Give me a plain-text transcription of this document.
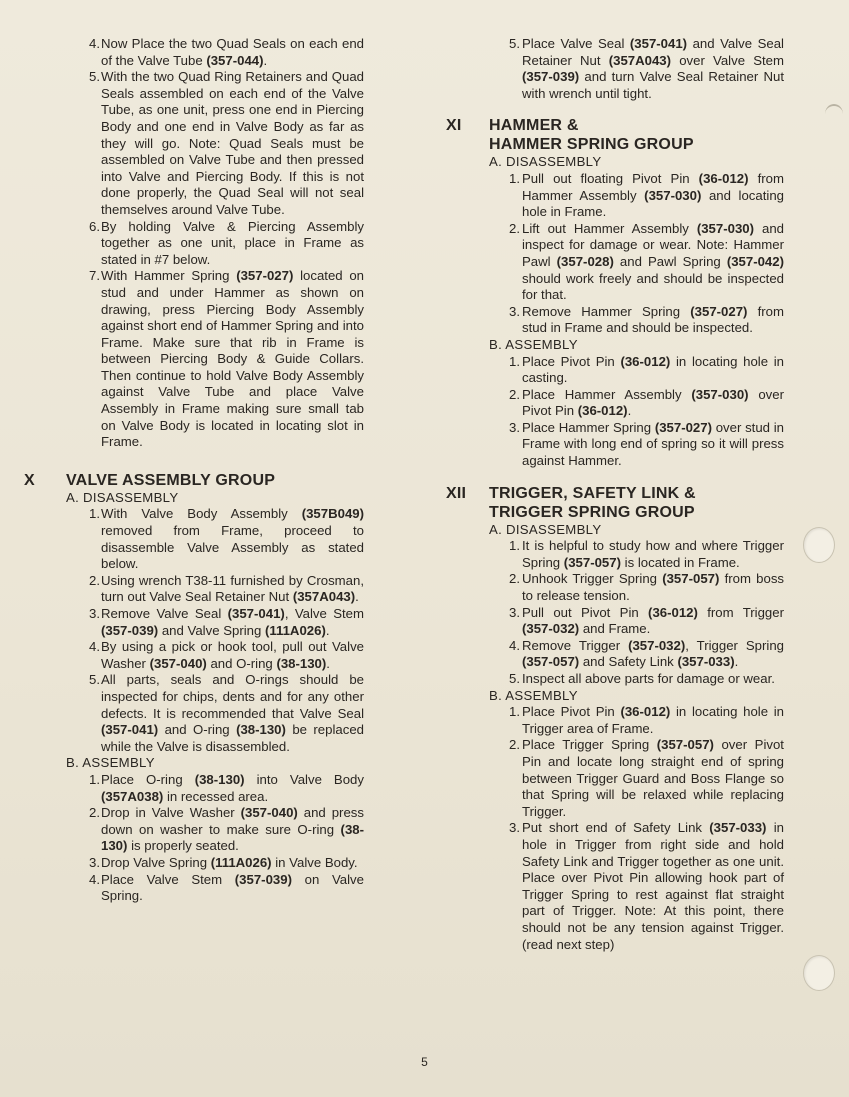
4. Now Place the two Quad Seals on each end of the Valve Tube (357-044).
5. With the two Quad Ring Retainers and Quad Seals assembled on each end of the Valve Tube, as one unit, press one end in Piercing Body and one end in Valve Body as far as they will go. Note: Quad Seals must be assembled on Valve Tube and then pressed into Valve and Piercing Body. If this is not done properly, the Quad Seal will not seal themselves around Valve Tube.
6. By holding Valve & Piercing Assembly together as one unit, place in Frame as stated in #7 below.
7. With Hammer Spring (357-027) located on stud and under Hammer as shown on drawing, press Piercing Body Assembly against short end of Hammer Spring and into Frame. Make sure that rib in Frame is between Piercing Body & Guide Collars. Then continue to hold Valve Body Assembly against Valve Tube and place Valve Assembly in Frame making sure small tab on Valve Body is located in locating slot in Frame.
X VALVE ASSEMBLY GROUP
A. DISASSEMBLY
1. With Valve Body Assembly (357B049) removed from Frame, proceed to disassemble Valve Assembly as stated below.
2. Using wrench T38-11 furnished by Crosman, turn out Valve Seal Retainer Nut (357A043).
3. Remove Valve Seal (357-041), Valve Stem (357-039) and Valve Spring (111A026).
4. By using a pick or hook tool, pull out Valve Washer (357-040) and O-ring (38-130).
5. All parts, seals and O-rings should be inspected for chips, dents and for any other defects. It is recommended that Valve Seal (357-041) and O-ring (38-130) be replaced while the Valve is disassembled.
B. ASSEMBLY
1. Place O-ring (38-130) into Valve Body (357A038) in recessed area.
2. Drop in Valve Washer (357-040) and press down on washer to make sure O-ring (38-130) is properly seated.
3. Drop Valve Spring (111A026) in Valve Body.
4. Place Valve Stem (357-039) on Valve Spring.
5. Place Valve Seal (357-041) and Valve Seal Retainer Nut (357A043) over Valve Stem (357-039) and turn Valve Seal Retainer Nut with wrench until tight.
XI HAMMER &
HAMMER SPRING GROUP
A. DISASSEMBLY
1. Pull out floating Pivot Pin (36-012) from Hammer Assembly (357-030) and locating hole in Frame.
2. Lift out Hammer Assembly (357-030) and inspect for damage or wear. Note: Hammer Pawl (357-028) and Pawl Spring (357-042) should work freely and should be inspected for that.
3. Remove Hammer Spring (357-027) from stud in Frame and should be inspected.
B. ASSEMBLY
1. Place Pivot Pin (36-012) in locating hole in casting.
2. Place Hammer Assembly (357-030) over Pivot Pin (36-012).
3. Place Hammer Spring (357-027) over stud in Frame with long end of spring so it will press against Hammer.
XII TRIGGER, SAFETY LINK &
TRIGGER SPRING GROUP
A. DISASSEMBLY
1. It is helpful to study how and where Trigger Spring (357-057) is located in Frame.
2. Unhook Trigger Spring (357-057) from boss to release tension.
3. Pull out Pivot Pin (36-012) from Trigger (357-032) and Frame.
4. Remove Trigger (357-032), Trigger Spring (357-057) and Safety Link (357-033).
5. Inspect all above parts for damage or wear.
B. ASSEMBLY
1. Place Pivot Pin (36-012) in locating hole in Trigger area of Frame.
2. Place Trigger Spring (357-057) over Pivot Pin and locate long straight end of spring between Trigger Guard and Boss Flange so that Spring will be relaxed while replacing Trigger.
3. Put short end of Safety Link (357-033) in hole in Trigger from right side and hold Safety Link and Trigger together as one unit. Place over Pivot Pin allowing hook part of Trigger Spring to rest against flat straight part of Trigger. Note: At this point, there should not be any tension against Trigger. (read next step)
5
